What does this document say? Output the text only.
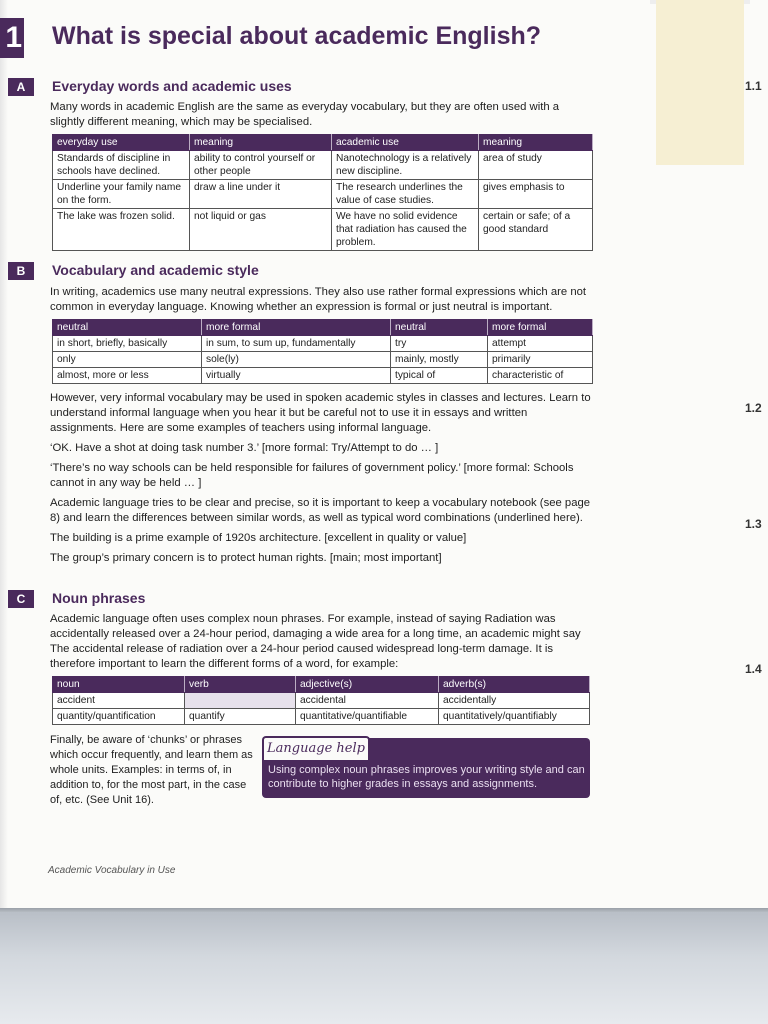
1 What is special about academic English?
1.1
1.2
1.3
1.4
A	Everyday words and academic uses
Many words in academic English are the same as everyday vocabulary, but they are often used with a slightly different meaning, which may be specialised.
everyday use	meaning	academic use	meaning
Standards of discipline in schools have declined.	ability to control yourself or other people	Nanotechnology is a relatively new discipline.	area of study
Underline your family name on the form.	draw a line under it	The research underlines the value of case studies.	gives emphasis to
The lake was frozen solid.	not liquid or gas	We have no solid evidence that radiation has caused the problem.	certain or safe; of a good standard
B	Vocabulary and academic style
In writing, academics use many neutral expressions. They also use rather formal expressions which are not common in everyday language. Knowing whether an expression is formal or just neutral is important.
neutral	more formal	neutral	more formal
in short, briefly, basically	in sum, to sum up, fundamentally	try	attempt
only	sole(ly)	mainly, mostly	primarily
almost, more or less	virtually	typical of	characteristic of

However, very informal vocabulary may be used in spoken academic styles in classes and lectures. Learn to understand informal language when you hear it but be careful not to use it in essays and written assignments. Here are some examples of teachers using informal language.

‘OK. Have a shot at doing task number 3.’ [more formal: Try/Attempt to do … ]

‘There’s no way schools can be held responsible for failures of government policy.’ [more formal: Schools cannot in any way be held … ]

Academic language tries to be clear and precise, so it is important to keep a vocabulary notebook (see page 8) and learn the differences between similar words, as well as typical word combinations (underlined here).

The building is a prime example of 1920s architecture. [excellent in quality or value]

The group’s primary concern is to protect human rights. [main; most important]

C	Noun phrases
Academic language often uses complex noun phrases. For example, instead of saying Radiation was accidentally released over a 24-hour period, damaging a wide area for a long time, an academic might say The accidental release of radiation over a 24-hour period caused widespread long-term damage. It is therefore important to learn the different forms of a word, for example:
noun	verb	adjective(s)	adverb(s)
accident		accidental	accidentally
quantity/quantification	quantify	quantitative/quantifiable	quantitatively/quantifiably
Finally, be aware of ‘chunks’ or phrases which occur frequently, and learn them as whole units. Examples: in terms of, in addition to, for the most part, in the case of, etc. (See Unit 16).
Language help
Using complex noun phrases improves your writing style and can contribute to higher grades in essays and assignments.
Academic Vocabulary in Use
